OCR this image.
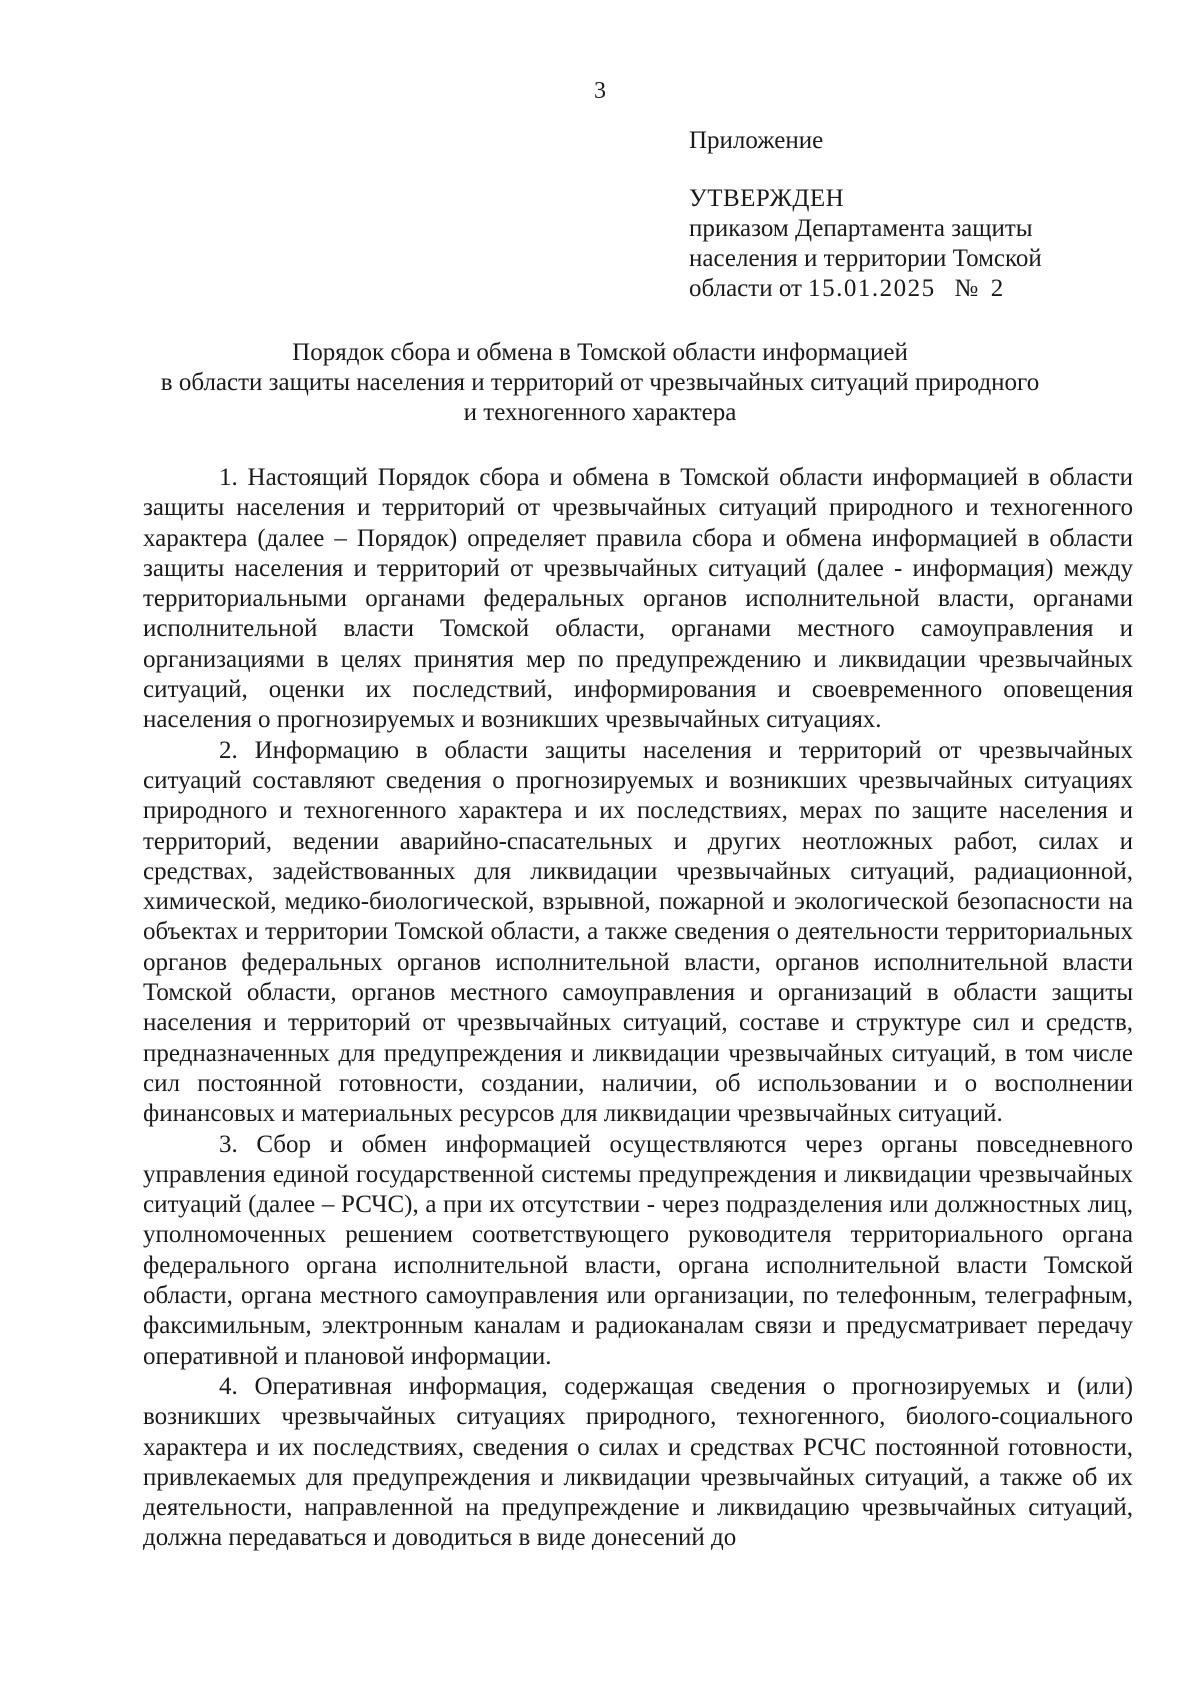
3
Приложение
УТВЕРЖДЕН
приказом Департамента защиты
населения и территории Томской
области от 15.01.2025 № 2
Порядок сбора и обмена в Томской области информацией
в области защиты населения и территорий от чрезвычайных ситуаций природного
и техногенного характера

1. Настоящий Порядок сбора и обмена в Томской области информацией в области защиты населения и территорий от чрезвычайных ситуаций природного и техногенного характера (далее – Порядок) определяет правила сбора и обмена информацией в области защиты населения и территорий от чрезвычайных ситуаций (далее - информация) между территориальными органами федеральных органов исполнительной власти, органами исполнительной власти Томской области, органами местного самоуправления и организациями в целях принятия мер по предупреждению и ликвидации чрезвычайных ситуаций, оценки их последствий, информирования и своевременного оповещения населения о прогнозируемых и возникших чрезвычайных ситуациях.

2. Информацию в области защиты населения и территорий от чрезвычайных ситуаций составляют сведения о прогнозируемых и возникших чрезвычайных ситуациях природного и техногенного характера и их последствиях, мерах по защите населения и территорий, ведении аварийно-спасательных и других неотложных работ, силах и средствах, задействованных для ликвидации чрезвычайных ситуаций, радиационной, химической, медико-биологической, взрывной, пожарной и экологической безопасности на объектах и территории Томской области, а также сведения о деятельности территориальных органов федеральных органов исполнительной власти, органов исполнительной власти Томской области, органов местного самоуправления и организаций в области защиты населения и территорий от чрезвычайных ситуаций, составе и структуре сил и средств, предназначенных для предупреждения и ликвидации чрезвычайных ситуаций, в том числе сил постоянной готовности, создании, наличии, об использовании и о восполнении финансовых и материальных ресурсов для ликвидации чрезвычайных ситуаций.

3. Сбор и обмен информацией осуществляются через органы повседневного управления единой государственной системы предупреждения и ликвидации чрезвычайных ситуаций (далее – РСЧС), а при их отсутствии - через подразделения или должностных лиц, уполномоченных решением соответствующего руководителя территориального органа федерального органа исполнительной власти, органа исполнительной власти Томской области, органа местного самоуправления или организации, по телефонным, телеграфным, факсимильным, электронным каналам и радиоканалам связи и предусматривает передачу оперативной и плановой информации.

4. Оперативная информация, содержащая сведения о прогнозируемых и (или) возникших чрезвычайных ситуациях природного, техногенного, биолого-социального характера и их последствиях, сведения о силах и средствах РСЧС постоянной готовности, привлекаемых для предупреждения и ликвидации чрезвычайных ситуаций, а также об их деятельности, направленной на предупреждение и ликвидацию чрезвычайных ситуаций, должна передаваться и доводиться в виде донесений до
